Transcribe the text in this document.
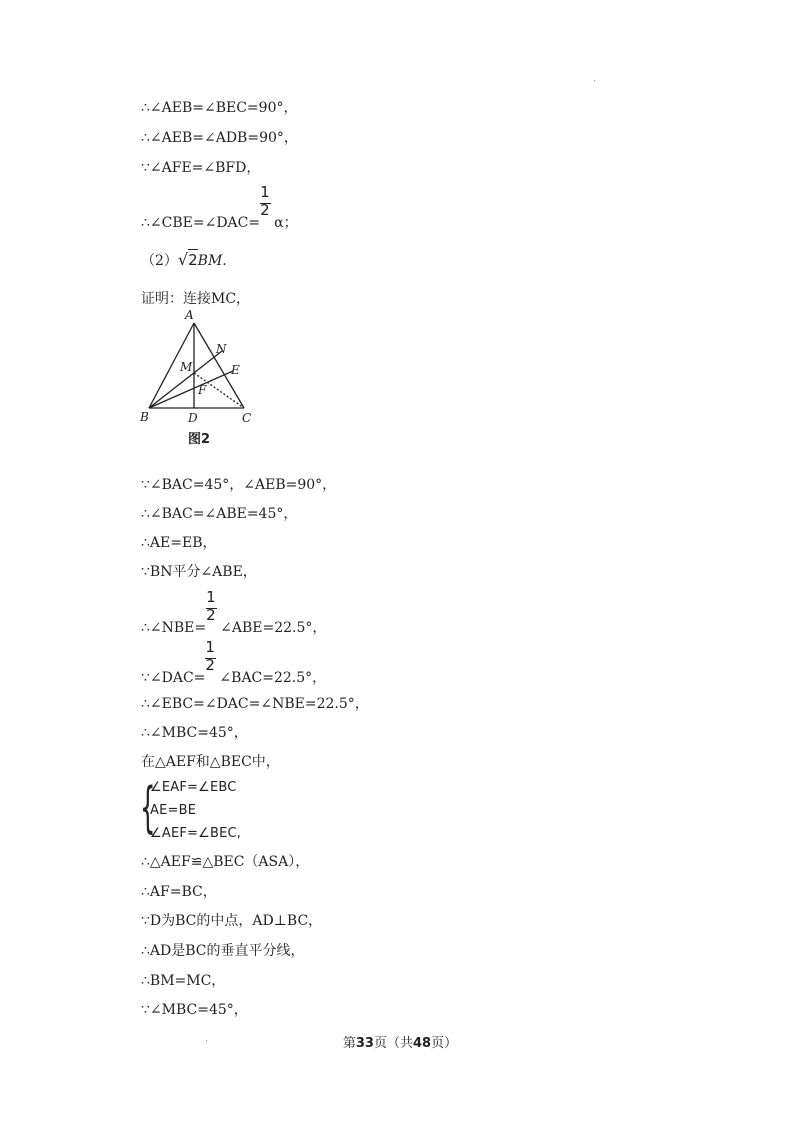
∴∠AEB=∠BEC=90°，
∴∠AEB=∠ADB=90°，
∵∠AFE=∠BFD，
∴∠CBE=∠DAC= $\frac{1}{2}$ α；
（2）√2BM.
证明：连接MC，
A
N
M	E
F
B	D	C
图2
∵∠BAC=45°，∠AEB=90°，
∴∠BAC=∠ABE=45°，
∴AE=EB，
∵BN平分∠ABE，
∴∠NBE= $\frac{1}{2}$ ∠ABE=22.5°，
∵∠DAC= $\frac{1}{2}$ ∠BAC=22.5°，
∴∠EBC=∠DAC=∠NBE=22.5°，
∴∠MBC=45°，
在△AEF和△BEC中，
{
∠EAF=∠EBC
AE=BE
∠AEF=∠BEC,
∴△AEF≌△BEC（ASA），
∴AF=BC，
∵D为BC的中点，AD⊥BC，
∴AD是BC的垂直平分线，
∴BM=MC，
∵∠MBC=45°，
第33页（共48页）
